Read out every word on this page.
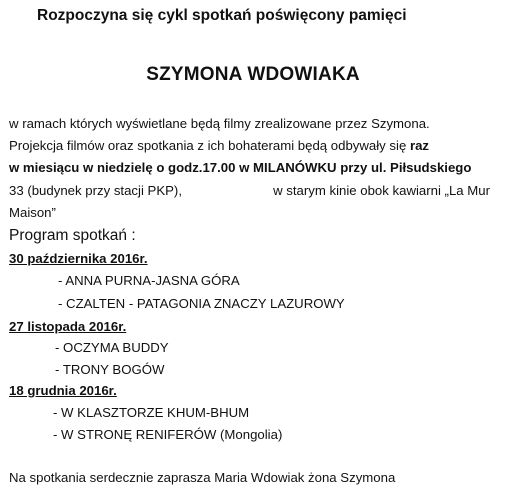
Rozpoczyna się cykl spotkań poświęcony pamięci
SZYMONA WDOWIAKA
w ramach których wyświetlane będą filmy zrealizowane przez Szymona.
Projekcja filmów oraz spotkania z ich bohaterami będą odbywały się raz
w miesiącu w niedzielę o godz.17.00 w MILANÓWKU przy ul. Piłsudskiego
33 (budynek przy stacji PKP),	w starym kinie obok kawiarni „La Mur
Maison”
Program spotkań :
30 października 2016r.
- ANNA PURNA-JASNA GÓRA
- CZALTEN - PATAGONIA ZNACZY LAZUROWY
27 listopada 2016r.
- OCZYMA BUDDY
- TRONY BOGÓW
18 grudnia 2016r.
- W KLASZTORZE KHUM-BHUM
- W STRONĘ RENIFERÓW (Mongolia)
Na spotkania serdecznie zaprasza Maria Wdowiak żona Szymona
